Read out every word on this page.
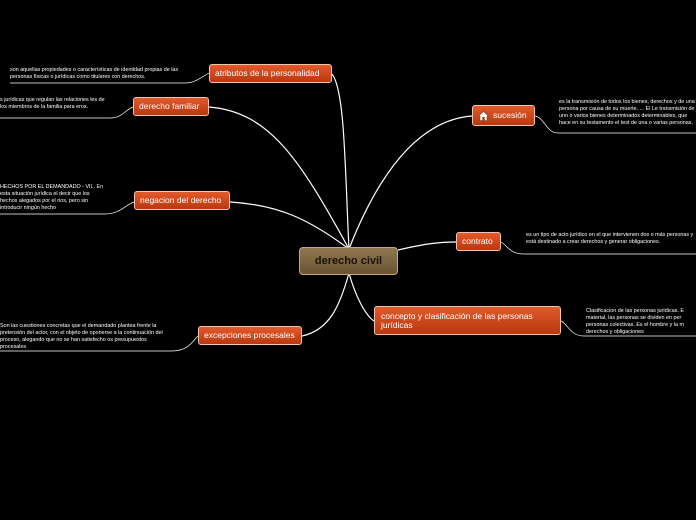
derecho civil
atributos de la personalidad
derecho familiar
negacion del derecho
excepciones procesales
sucesión
contrato
concepto y clasificación de las personas jurídicas
son aquellas propiedades o características de identidad propias de las personas físicas o jurídicas como titulares con derechos.
s jurídicas que regulan las relaciones les de los miembros de la familia para eros.
HECHOS POR EL DEMANDADO - VIL. En esta situación jurídica el decir que los hechos alegados por el rios, pero sin introducir ningún hecho
Son las cuestiones concretas que el demandado plantea frente la pretensión del actor, con el objeto de oponerse a la continuación del proceso, alegando que no se han satisfecho os presupuestos procesales
es la transmisión de todos los bienes, derechos y de una persona por causa de su muerte. ... El Le transmisión de uno o varios bienes determinados determinables, que hace en su testamento el test de una o varias personas.
es un tipo de acto jurídico en el que intervienen dos o más personas y está destinado a crear derechos y generar obligaciones.
Clasificacion de las personas jurídicas. E material, las personas se dividen en per personas colectivas. Es el hombre y la m derechos y obligaciones
